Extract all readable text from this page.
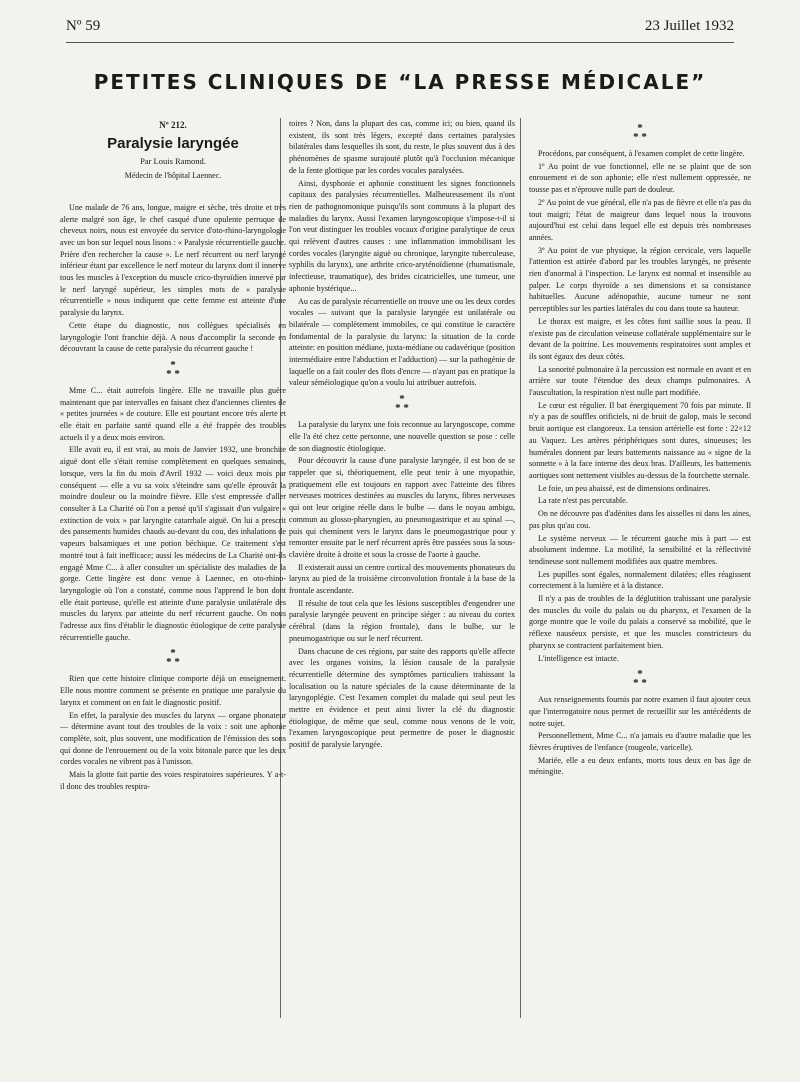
Nº 59	23 Juillet 1932
PETITES CLINIQUES DE “LA PRESSE MÉDICALE”
Nº 212.
Paralysie laryngée
Par Louis Ramond.
Médecin de l'hôpital Laennec.

Une malade de 76 ans, longue, maigre et sèche, très droite et très alerte malgré son âge, le chef casqué d'une opulente perruque de cheveux noirs, nous est envoyée du service d'oto-rhino-laryngologie avec un bon sur lequel nous lisons : « Paralysie récurrentielle gauche. Prière d'en rechercher la cause ». Le nerf récurrent ou nerf laryngé inférieur étant par excellence le nerf moteur du larynx dont il innerve tous les muscles à l'exception du muscle crico-thyroïdien innervé par le nerf laryngé supérieur, les simples mots de « paralysie récurrentielle » nous indiquent que cette femme est atteinte d'une paralysie du larynx.

Cette étape du diagnostic, nos collègues spécialisés en laryngologie l'ont franchie déjà. A nous d'accomplir la seconde en découvrant la cause de cette paralysie du récurrent gauche !

*
* *

Mme C... était autrefois lingère. Elle ne travaille plus guère maintenant que par intervalles en faisant chez d'anciennes clientes de « petites journées » de couture. Elle est pourtant encore très alerte et elle était en parfaite santé quand elle a été frappée des troubles actuels il y a deux mois environ.

Elle avait eu, il est vrai, au mois de Janvier 1932, une bronchite aiguë dont elle s'était remise complètement en quelques semaines, lorsque, vers la fin du mois d'Avril 1932 — voici deux mois par conséquent — elle a vu sa voix s'éteindre sans qu'elle éprouvât la moindre douleur ou la moindre fièvre. Elle s'est empressée d'aller consulter à La Charité où l'on a pensé qu'il s'agissait d'un vulgaire « extinction de voix » par laryngite catarrhale aiguë. On lui a prescrit des pansements humides chauds au-devant du cou, des inhalations de vapeurs balsamiques et une potion béchique. Ce traitement s'est montré tout à fait inefficace; aussi les médecins de La Charité ont-ils engagé Mme C... à aller consulter un spécialiste des maladies de la gorge. Cette lingère est donc venue à Laennec, en oto-rhino-laryngologie où l'on a constaté, comme nous l'apprend le bon dont elle était porteuse, qu'elle est atteinte d'une paralysie unilatérale des muscles du larynx par atteinte du nerf récurrent gauche. On nous l'adresse aux fins d'établir le diagnostic étiologique de cette paralysie récurrentielle gauche.

*
* *

Rien que cette histoire clinique comporte déjà un enseignement. Elle nous montre comment se présente en pratique une paralysie du larynx et comment on en fait le diagnostic positif.

En effet, la paralysie des muscles du larynx — organe phonateur — détermine avant tout des troubles de la voix : soit une aphonie complète, soit, plus souvent, une modification de l'émission des sons qui donne de l'enrouement ou de la voix bitonale parce que les deux cordes vocales ne vibrent pas à l'unisson.

Mais la glotte fait partie des voies respiratoires supérieures. Y a-t-il donc des troubles respira-

toires ? Non, dans la plupart des cas, comme ici; ou bien, quand ils existent, ils sont très légers, excepté dans certaines paralysies bilatérales dans lesquelles ils sont, du reste, le plus souvent dus à des phénomènes de spasme surajouté plutôt qu'à l'occlusion mécanique de la fente glottique par les cordes vocales paralysées.

Ainsi, dysphonie et aphonie constituent les signes fonctionnels capitaux des paralysies récurrentielles. Malheureusement ils n'ont rien de pathognomonique puisqu'ils sont communs à la plupart des maladies du larynx. Aussi l'examen laryngoscopique s'impose-t-il si l'on veut distinguer les troubles vocaux d'origine paralytique de ceux qui relèvent d'autres causes : une inflammation immobilisant les cordes vocales (laryngite aiguë ou chronique, laryngite tuberculeuse, syphilis du larynx), une arthrite crico-aryténoïdienne (rhumatismale, infectieuse, traumatique), des brides cicatricielles, une tumeur, une aphonie hystérique...

Au cas de paralysie récurrentielle on trouve une ou les deux cordes vocales — suivant que la paralysie laryngée est unilatérale ou bilatérale — complètement immobiles, ce qui constitue le caractère fondamental de la paralysie du larynx: la situation de la corde atteinte: en position médiane, juxta-médiane ou cadavérique (position intermédiaire entre l'abduction et l'adduction) — sur la pathogénie de laquelle on a fait couler des flots d'encre — n'ayant pas en pratique la valeur séméiologique qu'on a voulu lui attribuer autrefois.

*
* *

La paralysie du larynx une fois reconnue au laryngoscope, comme elle l'a été chez cette personne, une nouvelle question se pose : celle de son diagnostic étiologique.

Pour découvrir la cause d'une paralysie laryngée, il est bon de se rappeler que si, théoriquement, elle peut tenir à une myopathie, pratiquement elle est toujours en rapport avec l'atteinte des fibres nerveuses motrices destinées au muscles du larynx, fibres nerveuses qui ont leur origine réelle dans le bulbe — dans le noyau ambigu, commun au glosso-pharyngien, au pneumogastrique et au spinal —, puis qui cheminent vers le larynx dans le pneumogastrique pour y remonter ensuite par le nerf récurrent après être passées sous la sous-clavière droite à droite et sous la crosse de l'aorte à gauche.

Il existerait aussi un centre cortical des mouvements phonateurs du larynx au pied de la troisième circonvolution frontale à la base de la frontale ascendante.

Il résulte de tout cela que les lésions susceptibles d'engendrer une paralysie laryngée peuvent en principe siéger : au niveau du cortex cérébral (dans la région frontale), dans le bulbe, sur le pneumogastrique ou sur le nerf récurrent.

Dans chacune de ces régions, par suite des rapports qu'elle affecte avec les organes voisins, la lésion causale de la paralysie récurrentielle détermine des symptômes particuliers trahissant la localisation ou la nature spéciales de la cause déterminante de la laryngoplégie. C'est l'examen complet du malade qui seul peut les mettre en évidence et peut ainsi livrer la clé du diagnostic étiologique, de même que seul, comme nous venons de le voir, l'examen laryngoscopique peut permettre de poser le diagnostic positif de paralysie laryngée.

*
* *

Procédons, par conséquent, à l'examen complet de cette lingère.

1º Au point de vue fonctionnel, elle ne se plaint que de son enrouement et de son aphonie; elle n'est nullement oppressée, ne tousse pas et n'éprouve nulle part de douleur.

2º Au point de vue général, elle n'a pas de fièvre et elle n'a pas du tout maigri; l'état de maigreur dans lequel nous la trouvons aujourd'hui est celui dans lequel elle est depuis très nombreuses années.

3º Au point de vue physique, la région cervicale, vers laquelle l'attention est attirée d'abord par les troubles laryngés, ne présente rien d'anormal à l'inspection. Le larynx est normal et insensible au palper. Le corps thyroïde a ses dimensions et sa consistance habituelles. Aucune adénopathie, aucune tumeur ne sont perceptibles sur les parties latérales du cou dans toute sa hauteur.

Le thorax est maigre, et les côtes font saillie sous la peau. Il n'existe pas de circulation veineuse collatérale supplémentaire sur le devant de la poitrine. Les mouvements respiratoires sont amples et ils sont égaux des deux côtés.

La sonorité pulmonaire à la percussion est normale en avant et en arrière sur toute l'étendue des deux champs pulmonaires. A l'auscultation, la respiration n'est nulle part modifiée.

Le cœur est régulier. Il bat énergiquement 70 fois par minute. Il n'y a pas de souffles orificiels, ni de bruit de galop, mais le second bruit aortique est clangoreux. La tension artérielle est forte : 22×12 au Vaquez. Les artères périphériques sont dures, sinueuses; les humérales donnent par leurs battements naissance au « signe de la sonnette » à la face interne des deux bras. D'ailleurs, les battements aortiques sont nettement visibles au-dessus de la fourchette sternale.

Le foie, un peu abaissé, est de dimensions ordinaires.

La rate n'est pas percutable.

On ne découvre pas d'adénites dans les aisselles ni dans les aines, pas plus qu'au cou.

Le système nerveux — le récurrent gauche mis à part — est absolument indemne. La motilité, la sensibilité et la réflectivité tendineuse sont nullement modifiées aux quatre membres.

Les pupilles sont égales, normalement dilatées; elles réagissent correctement à la lumière et à la distance.

Il n'y a pas de troubles de la déglutition trahissant une paralysie des muscles du voile du palais ou du pharynx, et l'examen de la gorge montre que le voile du palais a conservé sa mobilité, que le réflexe nauséeux persiste, et que les muscles constricteurs du pharynx se contractent parfaitement bien.

L'intelligence est intacte.

*
* *

Aux renseignements fournis par notre examen il faut ajouter ceux que l'interrogatoire nous permet de recueillir sur les antécédents de notre sujet.

Personnellement, Mme C... n'a jamais eu d'autre maladie que les fièvres éruptives de l'enfance (rougeole, varicelle).

Mariée, elle a eu deux enfants, morts tous deux en bas âge de méningite.
